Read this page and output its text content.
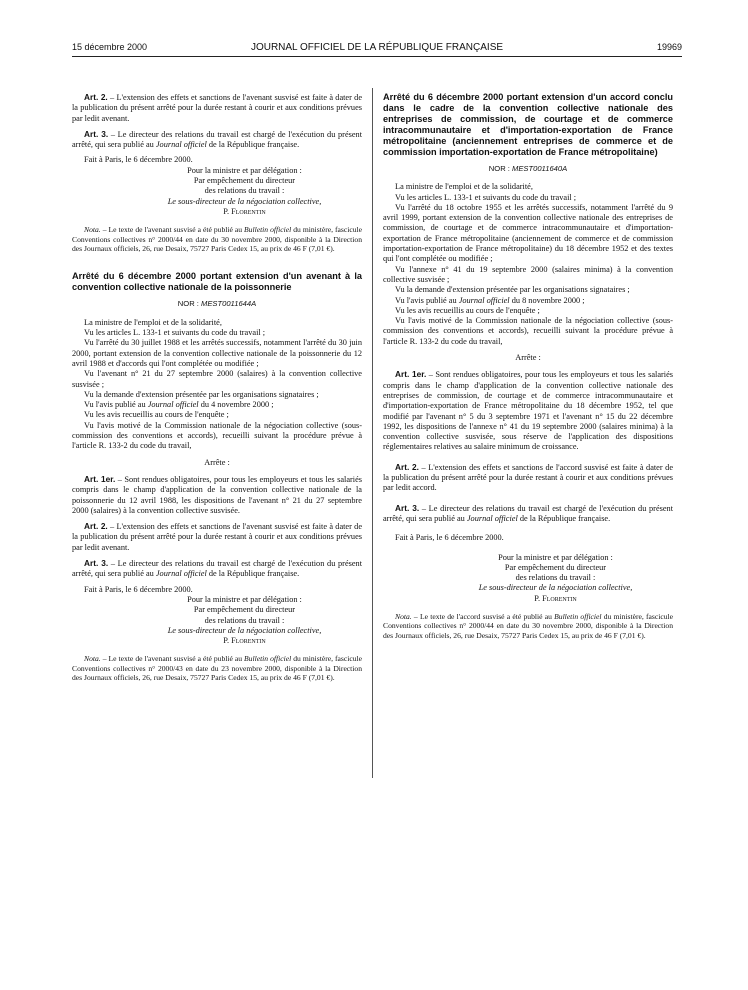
15 décembre 2000	JOURNAL OFFICIEL DE LA RÉPUBLIQUE FRANÇAISE	19969

Art. 2. – L'extension des effets et sanctions de l'avenant susvisé est faite à dater de la publication du présent arrêté pour la durée restant à courir et aux conditions prévues par ledit avenant.

Art. 3. – Le directeur des relations du travail est chargé de l'exécution du présent arrêté, qui sera publié au Journal officiel de la République française.

Fait à Paris, le 6 décembre 2000.

Pour la ministre et par délégation :
Par empêchement du directeur
des relations du travail :
Le sous-directeur de la négociation collective,
P. Florentin

Nota. – Le texte de l'avenant susvisé a été publié au Bulletin officiel du ministère, fascicule Conventions collectives n° 2000/44 en date du 30 novembre 2000, disponible à la Direction des Journaux officiels, 26, rue Desaix, 75727 Paris Cedex 15, au prix de 46 F (7,01 €).

Arrêté du 6 décembre 2000 portant extension d'un avenant à la convention collective nationale de la poissonnerie

NOR : MEST0011644A

La ministre de l'emploi et de la solidarité,

Vu les articles L. 133-1 et suivants du code du travail ;

Vu l'arrêté du 30 juillet 1988 et les arrêtés successifs, notamment l'arrêté du 30 juin 2000, portant extension de la convention collective nationale de la poissonnerie du 12 avril 1988 et d'accords qui l'ont complétée ou modifiée ;

Vu l'avenant n° 21 du 27 septembre 2000 (salaires) à la convention collective susvisée ;

Vu la demande d'extension présentée par les organisations signataires ;

Vu l'avis publié au Journal officiel du 4 novembre 2000 ;

Vu les avis recueillis au cours de l'enquête ;

Vu l'avis motivé de la Commission nationale de la négociation collective (sous-commission des conventions et accords), recueilli suivant la procédure prévue à l'article R. 133-2 du code du travail,

Arrête :

Art. 1er. – Sont rendues obligatoires, pour tous les employeurs et tous les salariés compris dans le champ d'application de la convention collective nationale de la poissonnerie du 12 avril 1988, les dispositions de l'avenant n° 21 du 27 septembre 2000 (salaires) à la convention collective susvisée.

Art. 2. – L'extension des effets et sanctions de l'avenant susvisé est faite à dater de la publication du présent arrêté pour la durée restant à courir et aux conditions prévues par ledit avenant.

Art. 3. – Le directeur des relations du travail est chargé de l'exécution du présent arrêté, qui sera publié au Journal officiel de la République française.

Fait à Paris, le 6 décembre 2000.

Pour la ministre et par délégation :
Par empêchement du directeur
des relations du travail :
Le sous-directeur de la négociation collective,
P. Florentin

Nota. – Le texte de l'avenant susvisé a été publié au Bulletin officiel du ministère, fascicule Conventions collectives n° 2000/43 en date du 23 novembre 2000, disponible à la Direction des Journaux officiels, 26, rue Desaix, 75727 Paris Cedex 15, au prix de 46 F (7,01 €).

Arrêté du 6 décembre 2000 portant extension d'un accord conclu dans le cadre de la convention collective nationale des entreprises de commission, de courtage et de commerce intracommunautaire et d'importation-exportation de France métropolitaine (anciennement entreprises de commerce et de commission importation-exportation de France métropolitaine)

NOR : MEST0011640A

La ministre de l'emploi et de la solidarité,

Vu les articles L. 133-1 et suivants du code du travail ;

Vu l'arrêté du 18 octobre 1955 et les arrêtés successifs, notamment l'arrêté du 9 avril 1999, portant extension de la convention collective nationale des entreprises de commission, de courtage et de commerce intracommunautaire et d'importation-exportation de France métropolitaine (anciennement de commerce et de commission importation-exportation de France métropolitaine) du 18 décembre 1952 et des textes qui l'ont complétée ou modifiée ;

Vu l'annexe n° 41 du 19 septembre 2000 (salaires minima) à la convention collective susvisée ;

Vu la demande d'extension présentée par les organisations signataires ;

Vu l'avis publié au Journal officiel du 8 novembre 2000 ;

Vu les avis recueillis au cours de l'enquête ;

Vu l'avis motivé de la Commission nationale de la négociation collective (sous-commission des conventions et accords), recueilli suivant la procédure prévue à l'article R. 133-2 du code du travail,

Arrête :

Art. 1er. – Sont rendues obligatoires, pour tous les employeurs et tous les salariés compris dans le champ d'application de la convention collective nationale des entreprises de commission, de courtage et de commerce intracommunautaire et d'importation-exportation de France métropolitaine du 18 décembre 1952, tel que modifié par l'avenant n° 5 du 3 septembre 1971 et l'avenant n° 15 du 22 décembre 1992, les dispositions de l'annexe n° 41 du 19 septembre 2000 (salaires minima) à la convention collective susvisée, sous réserve de l'application des dispositions réglementaires relatives au salaire minimum de croissance.

Art. 2. – L'extension des effets et sanctions de l'accord susvisé est faite à dater de la publication du présent arrêté pour la durée restant à courir et aux conditions prévues par ledit accord.

Art. 3. – Le directeur des relations du travail est chargé de l'exécution du présent arrêté, qui sera publié au Journal officiel de la République française.

Fait à Paris, le 6 décembre 2000.

Pour la ministre et par délégation :
Par empêchement du directeur
des relations du travail :
Le sous-directeur de la négociation collective,
P. Florentin

Nota. – Le texte de l'accord susvisé a été publié au Bulletin officiel du ministère, fascicule Conventions collectives n° 2000/44 en date du 30 novembre 2000, disponible à la Direction des Journaux officiels, 26, rue Desaix, 75727 Paris Cedex 15, au prix de 46 F (7,01 €).
